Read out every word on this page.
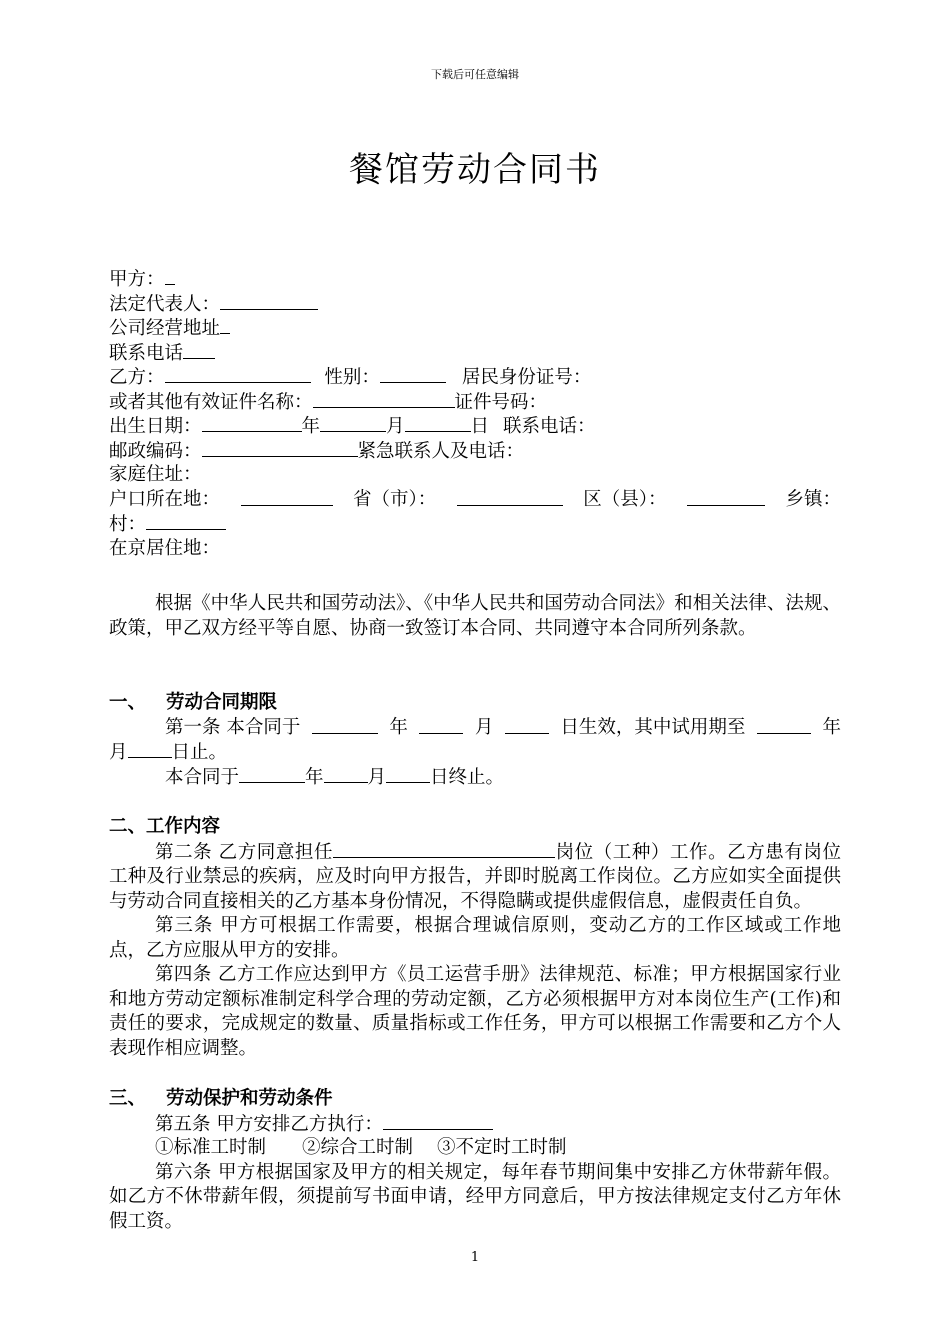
下载后可任意编辑
餐馆劳动合同书
甲方：
法定代表人：
公司经营地址
联系电话
乙方：	性别：	居民身份证号：
或者其他有效证件名称：	证件号码：
出生日期：	年	月	日 联系电话：
邮政编码：	紧急联系人及电话：
家庭住址：
户口所在地：	省（市）：	区（县）：	乡镇：
村：
在京居住地：
根据《中华人民共和国劳动法》、《中华人民共和国劳动合同法》和相关法律、法规、政策，甲乙双方经平等自愿、协商一致签订本合同、共同遵守本合同所列条款。
一、 劳动合同期限
第一条 本合同于	年	月	日生效，其中试用期至	年
月 日止。
本合同于	年 月 日终止。
二、工作内容
第二条 乙方同意担任	岗位（工种）工作。乙方患有岗位工种及行业禁忌的疾病，应及时向甲方报告，并即时脱离工作岗位。乙方应如实全面提供与劳动合同直接相关的乙方基本身份情况，不得隐瞒或提供虚假信息，虚假责任自负。
第三条 甲方可根据工作需要，根据合理诚信原则，变动乙方的工作区域或工作地点，乙方应服从甲方的安排。
第四条 乙方工作应达到甲方《员工运营手册》法律规范、标准；甲方根据国家行业和地方劳动定额标准制定科学合理的劳动定额，乙方必须根据甲方对本岗位生产(工作)和责任的要求，完成规定的数量、质量指标或工作任务，甲方可以根据工作需要和乙方个人表现作相应调整。
三、 劳动保护和劳动条件
第五条 甲方安排乙方执行：
①标准工时制 ②综合工时制 ③不定时工时制
第六条 甲方根据国家及甲方的相关规定，每年春节期间集中安排乙方休带薪年假。如乙方不休带薪年假，须提前写书面申请，经甲方同意后，甲方按法律规定支付乙方年休假工资。
1
